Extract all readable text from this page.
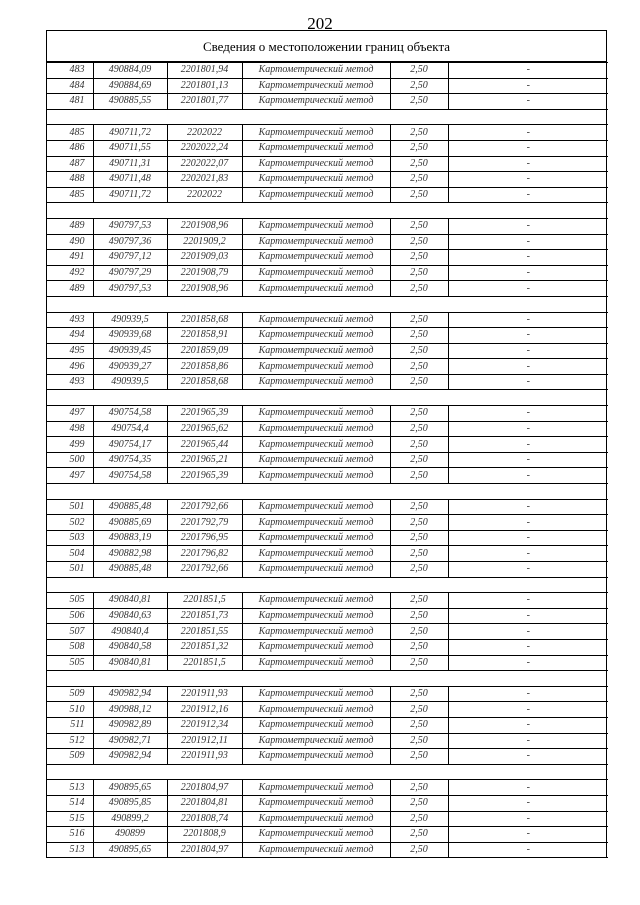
202
Сведения о местоположении границ объекта
483	490884,09	2201801,94	Картометрический метод	2,50	-
484	490884,69	2201801,13	Картометрический метод	2,50	-
481	490885,55	2201801,77	Картометрический метод	2,50	-

485	490711,72	2202022	Картометрический метод	2,50	-
486	490711,55	2202022,24	Картометрический метод	2,50	-
487	490711,31	2202022,07	Картометрический метод	2,50	-
488	490711,48	2202021,83	Картометрический метод	2,50	-
485	490711,72	2202022	Картометрический метод	2,50	-

489	490797,53	2201908,96	Картометрический метод	2,50	-
490	490797,36	2201909,2	Картометрический метод	2,50	-
491	490797,12	2201909,03	Картометрический метод	2,50	-
492	490797,29	2201908,79	Картометрический метод	2,50	-
489	490797,53	2201908,96	Картометрический метод	2,50	-

493	490939,5	2201858,68	Картометрический метод	2,50	-
494	490939,68	2201858,91	Картометрический метод	2,50	-
495	490939,45	2201859,09	Картометрический метод	2,50	-
496	490939,27	2201858,86	Картометрический метод	2,50	-
493	490939,5	2201858,68	Картометрический метод	2,50	-

497	490754,58	2201965,39	Картометрический метод	2,50	-
498	490754,4	2201965,62	Картометрический метод	2,50	-
499	490754,17	2201965,44	Картометрический метод	2,50	-
500	490754,35	2201965,21	Картометрический метод	2,50	-
497	490754,58	2201965,39	Картометрический метод	2,50	-

501	490885,48	2201792,66	Картометрический метод	2,50	-
502	490885,69	2201792,79	Картометрический метод	2,50	-
503	490883,19	2201796,95	Картометрический метод	2,50	-
504	490882,98	2201796,82	Картометрический метод	2,50	-
501	490885,48	2201792,66	Картометрический метод	2,50	-

505	490840,81	2201851,5	Картометрический метод	2,50	-
506	490840,63	2201851,73	Картометрический метод	2,50	-
507	490840,4	2201851,55	Картометрический метод	2,50	-
508	490840,58	2201851,32	Картометрический метод	2,50	-
505	490840,81	2201851,5	Картометрический метод	2,50	-

509	490982,94	2201911,93	Картометрический метод	2,50	-
510	490988,12	2201912,16	Картометрический метод	2,50	-
511	490982,89	2201912,34	Картометрический метод	2,50	-
512	490982,71	2201912,11	Картометрический метод	2,50	-
509	490982,94	2201911,93	Картометрический метод	2,50	-

513	490895,65	2201804,97	Картометрический метод	2,50	-
514	490895,85	2201804,81	Картометрический метод	2,50	-
515	490899,2	2201808,74	Картометрический метод	2,50	-
516	490899	2201808,9	Картометрический метод	2,50	-
513	490895,65	2201804,97	Картометрический метод	2,50	-
